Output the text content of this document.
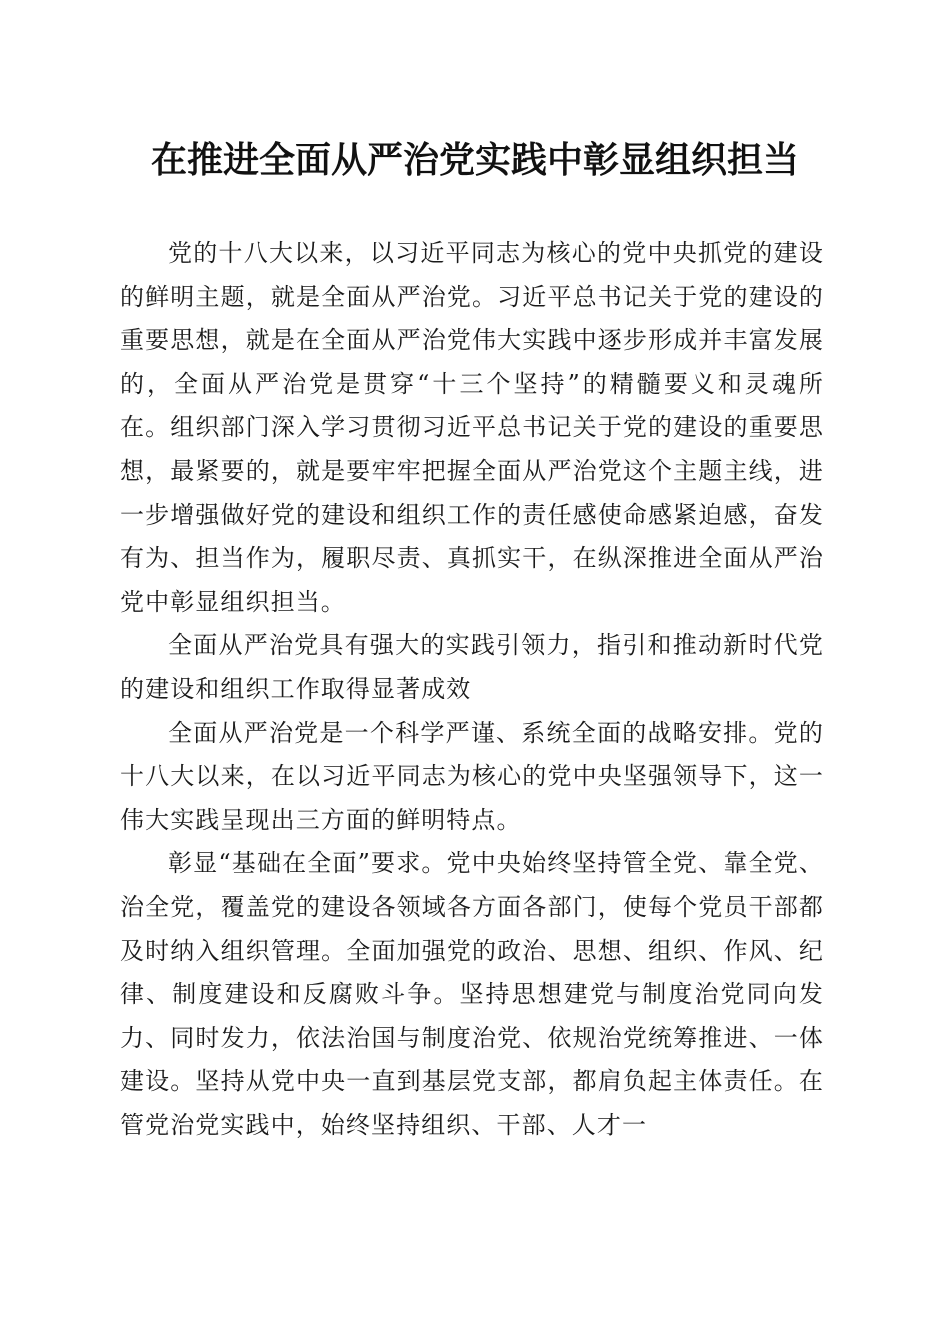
在推进全面从严治党实践中彰显组织担当

党的十八大以来，以习近平同志为核心的党中央抓党的建设的鲜明主题，就是全面从严治党。习近平总书记关于党的建设的重要思想，就是在全面从严治党伟大实践中逐步形成并丰富发展的，全面从严治党是贯穿“十三个坚持”的精髓要义和灵魂所在。组织部门深入学习贯彻习近平总书记关于党的建设的重要思想，最紧要的，就是要牢牢把握全面从严治党这个主题主线，进一步增强做好党的建设和组织工作的责任感使命感紧迫感，奋发有为、担当作为，履职尽责、真抓实干，在纵深推进全面从严治党中彰显组织担当。

全面从严治党具有强大的实践引领力，指引和推动新时代党的建设和组织工作取得显著成效

全面从严治党是一个科学严谨、系统全面的战略安排。党的十八大以来，在以习近平同志为核心的党中央坚强领导下，这一伟大实践呈现出三方面的鲜明特点。

彰显“基础在全面”要求。党中央始终坚持管全党、靠全党、治全党，覆盖党的建设各领域各方面各部门，使每个党员干部都及时纳入组织管理。全面加强党的政治、思想、组织、作风、纪律、制度建设和反腐败斗争。坚持思想建党与制度治党同向发力、同时发力，依法治国与制度治党、依规治党统筹推进、一体建设。坚持从党中央一直到基层党支部，都肩负起主体责任。在管党治党实践中，始终坚持组织、干部、人才一
